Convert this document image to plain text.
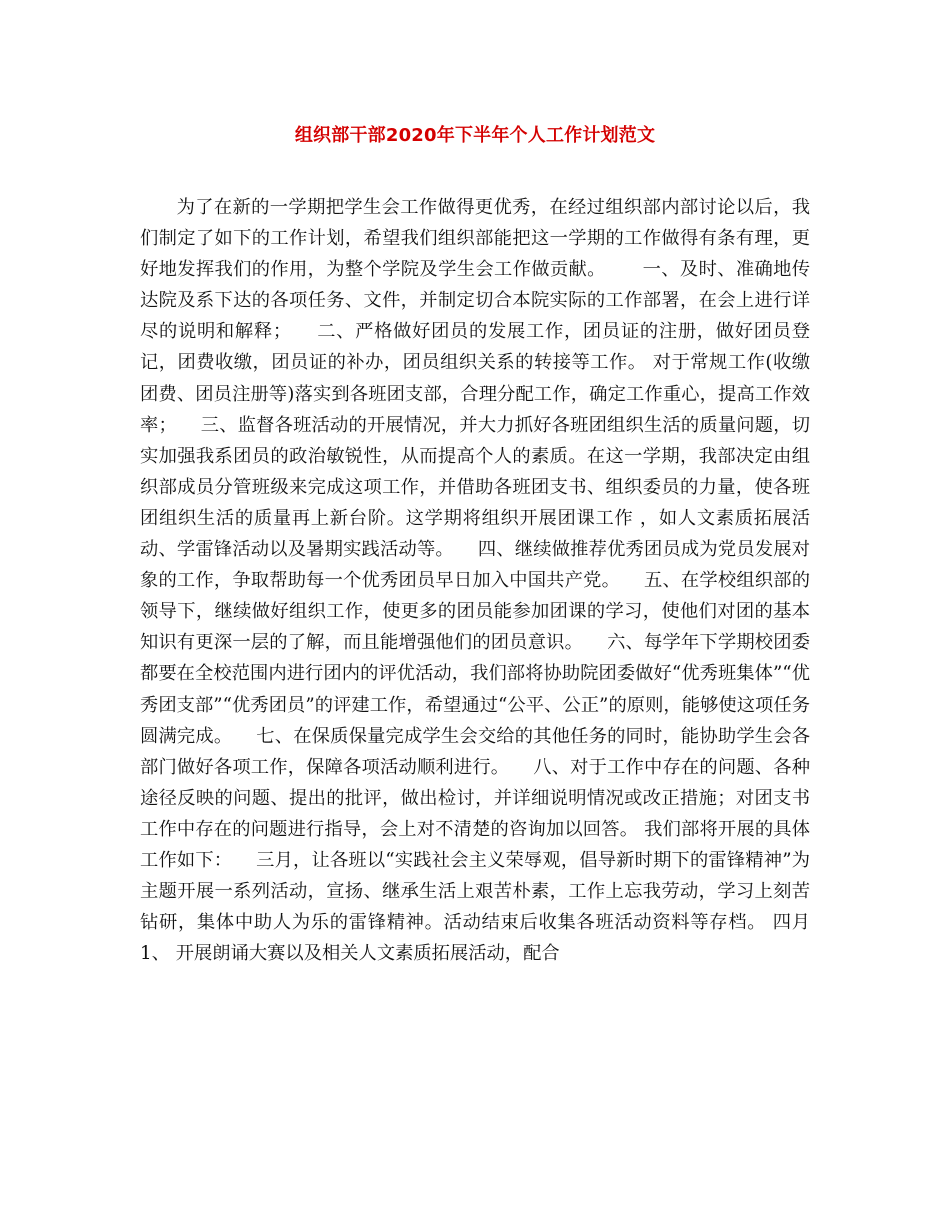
组织部干部2020年下半年个人工作计划范文

为了在新的一学期把学生会工作做得更优秀，在经过组织部内部讨论以后，我们制定了如下的工作计划，希望我们组织部能把这一学期的工作做得有条有理，更好地发挥我们的作用，为整个学院及学生会工作做贡献。      一、及时、准确地传达院及系下达的各项任务、文件，并制定切合本院实际的工作部署，在会上进行详尽的说明和解释；    二、严格做好团员的发展工作，团员证的注册，做好团员登记，团费收缴，团员证的补办，团员组织关系的转接等工作。 对于常规工作(收缴团费、团员注册等)落实到各班团支部，合理分配工作，确定工作重心，提高工作效率；    三、监督各班活动的开展情况，并大力抓好各班团组织生活的质量问题，切实加强我系团员的政治敏锐性，从而提高个人的素质。在这一学期，我部决定由组织部成员分管班级来完成这项工作，并借助各班团支书、组织委员的力量，使各班团组织生活的质量再上新台阶。这学期将组织开展团课工作 ，如人文素质拓展活动、学雷锋活动以及暑期实践活动等。    四、继续做推荐优秀团员成为党员发展对象的工作，争取帮助每一个优秀团员早日加入中国共产党。    五、在学校组织部的领导下，继续做好组织工作，使更多的团员能参加团课的学习，使他们对团的基本知识有更深一层的了解，而且能增强他们的团员意识。    六、每学年下学期校团委都要在全校范围内进行团内的评优活动，我们部将协助院团委做好“优秀班集体”“优秀团支部”“优秀团员”的评建工作，希望通过“公平、公正”的原则，能够使这项任务圆满完成。    七、在保质保量完成学生会交给的其他任务的同时，能协助学生会各部门做好各项工作，保障各项活动顺利进行。    八、对于工作中存在的问题、各种途径反映的问题、提出的批评，做出检讨，并详细说明情况或改正措施；对团支书工作中存在的问题进行指导，会上对不清楚的咨询加以回答。 我们部将开展的具体工作如下：    三月，让各班以“实践社会主义荣辱观，倡导新时期下的雷锋精神”为主题开展一系列活动，宣扬、继承生活上艰苦朴素，工作上忘我劳动，学习上刻苦钻研，集体中助人为乐的雷锋精神。活动结束后收集各班活动资料等存档。 四月 1、 开展朗诵大赛以及相关人文素质拓展活动，配合
